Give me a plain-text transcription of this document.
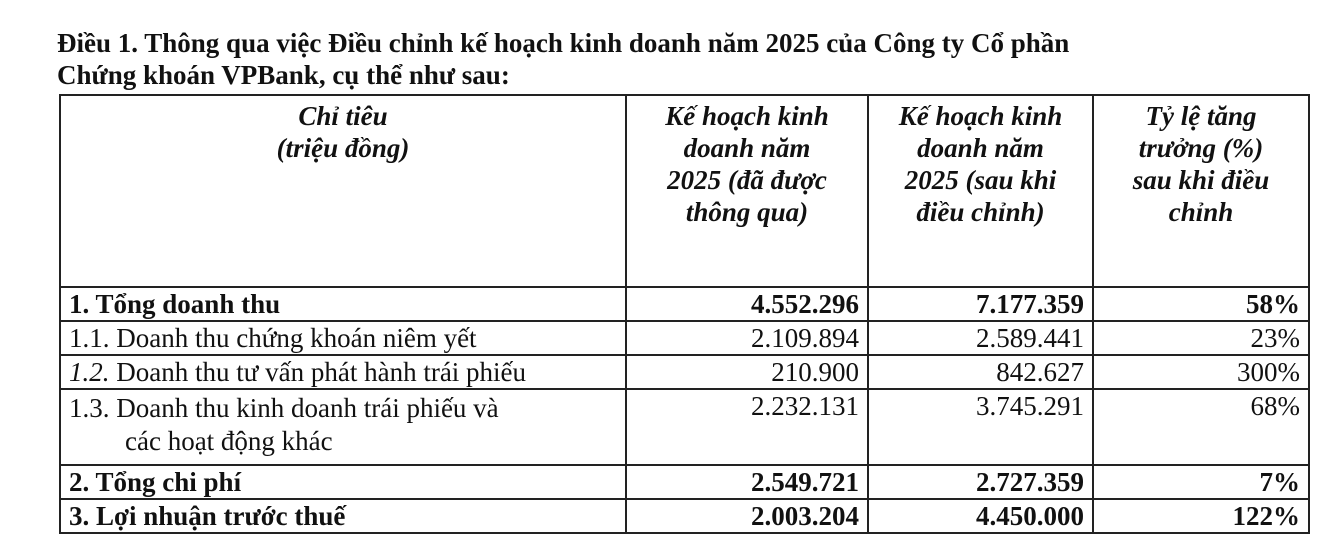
Điều 1. Thông qua việc Điều chỉnh kế hoạch kinh doanh năm 2025 của Công ty Cổ phần
Chứng khoán VPBank, cụ thể như sau:
Chỉ tiêu
(triệu đồng)	Kế hoạch kinh
doanh năm
2025 (đã được
thông qua)	Kế hoạch kinh
doanh năm
2025 (sau khi
điều chỉnh)	Tỷ lệ tăng
trưởng (%)
sau khi điều
chỉnh

1. Tổng doanh thu	4.552.296	7.177.359	58%
1.1. Doanh thu chứng khoán niêm yết	2.109.894	2.589.441	23%
1.2. Doanh thu tư vấn phát hành trái phiếu	210.900	842.627	300%
1.3. Doanh thu kinh doanh trái phiếu và
các hoạt động khác	2.232.131	3.745.291	68%
2. Tổng chi phí	2.549.721	2.727.359	7%
3. Lợi nhuận trước thuế	2.003.204	4.450.000	122%
